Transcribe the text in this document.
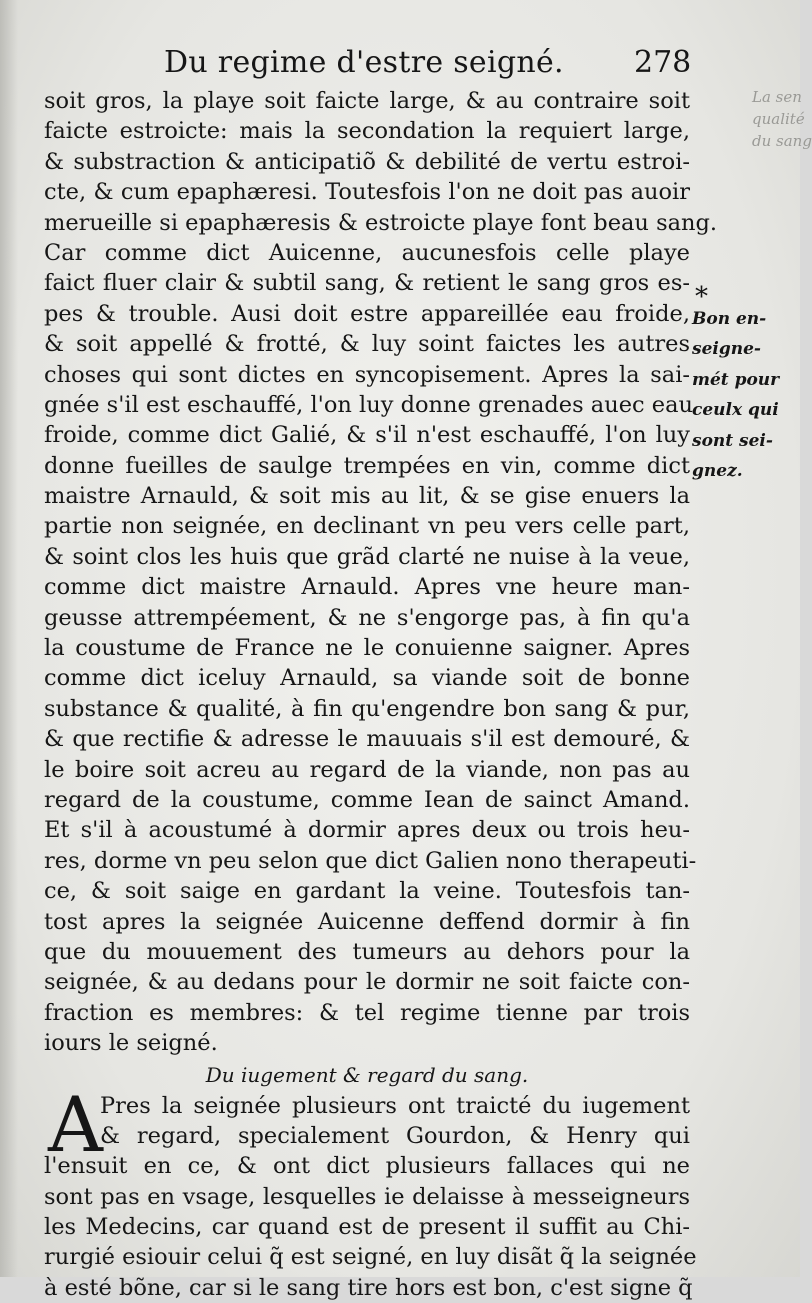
Du regime d'estre seigné. 278
La sen
qualité
du sang
soit gros, la playe soit faicte large, & au contraire soit
faicte estroicte: mais la secondation la requiert large,
& substraction & anticipatiõ & debilité de vertu estroi-
cte, & cum epaphæresi. Toutesfois l'on ne doit pas auoir
merueille si epaphæresis & estroicte playe font beau sang.
Car comme dict Auicenne, aucunesfois celle playe
faict fluer clair & subtil sang, & retient le sang gros es-
pes & trouble. Ausi doit estre appareillée eau froide,
& soit appellé & frotté, & luy soint faictes les autres
choses qui sont dictes en syncopisement. Apres la sai-
gnée s'il est eschauffé, l'on luy donne grenades auec eau
froide, comme dict Galié, & s'il n'est eschauffé, l'on luy
donne fueilles de saulge trempées en vin, comme dict
maistre Arnauld, & soit mis au lit, & se gise enuers la
partie non seignée, en declinant vn peu vers celle part,
& soint clos les huis que grãd clarté ne nuise à la veue,
comme dict maistre Arnauld. Apres vne heure man-
geusse attrempéement, & ne s'engorge pas, à fin qu'a
la coustume de France ne le conuienne saigner. Apres
comme dict iceluy Arnauld, sa viande soit de bonne
substance & qualité, à fin qu'engendre bon sang & pur,
& que rectifie & adresse le mauuais s'il est demouré, &
le boire soit acreu au regard de la viande, non pas au
regard de la coustume, comme Iean de sainct Amand.
Et s'il à acoustumé à dormir apres deux ou trois heu-
res, dorme vn peu selon que dict Galien nono therapeuti-
ce, & soit saige en gardant la veine. Toutesfois tan-
tost apres la seignée Auicenne deffend dormir à fin
que du mouuement des tumeurs au dehors pour la
seignée, & au dedans pour le dormir ne soit faicte con-
fraction es membres: & tel regime tienne par trois
iours le seigné.
Du iugement & regard du sang.
A
Pres la seignée plusieurs ont traicté du iugement
& regard, specialement Gourdon, & Henry qui
l'ensuit en ce, & ont dict plusieurs fallaces qui ne
sont pas en vsage, lesquelles ie delaisse à messeigneurs
les Medecins, car quand est de present il suffit au Chi-
rurgié esiouir celui q̃ est seigné, en luy disãt q̃ la seignée
à esté bõne, car si le sang tire hors est bon, c'est signe q̃
*
Bon en-
seigne-
mét pour
ceulx qui
sont sei-
gnez.
